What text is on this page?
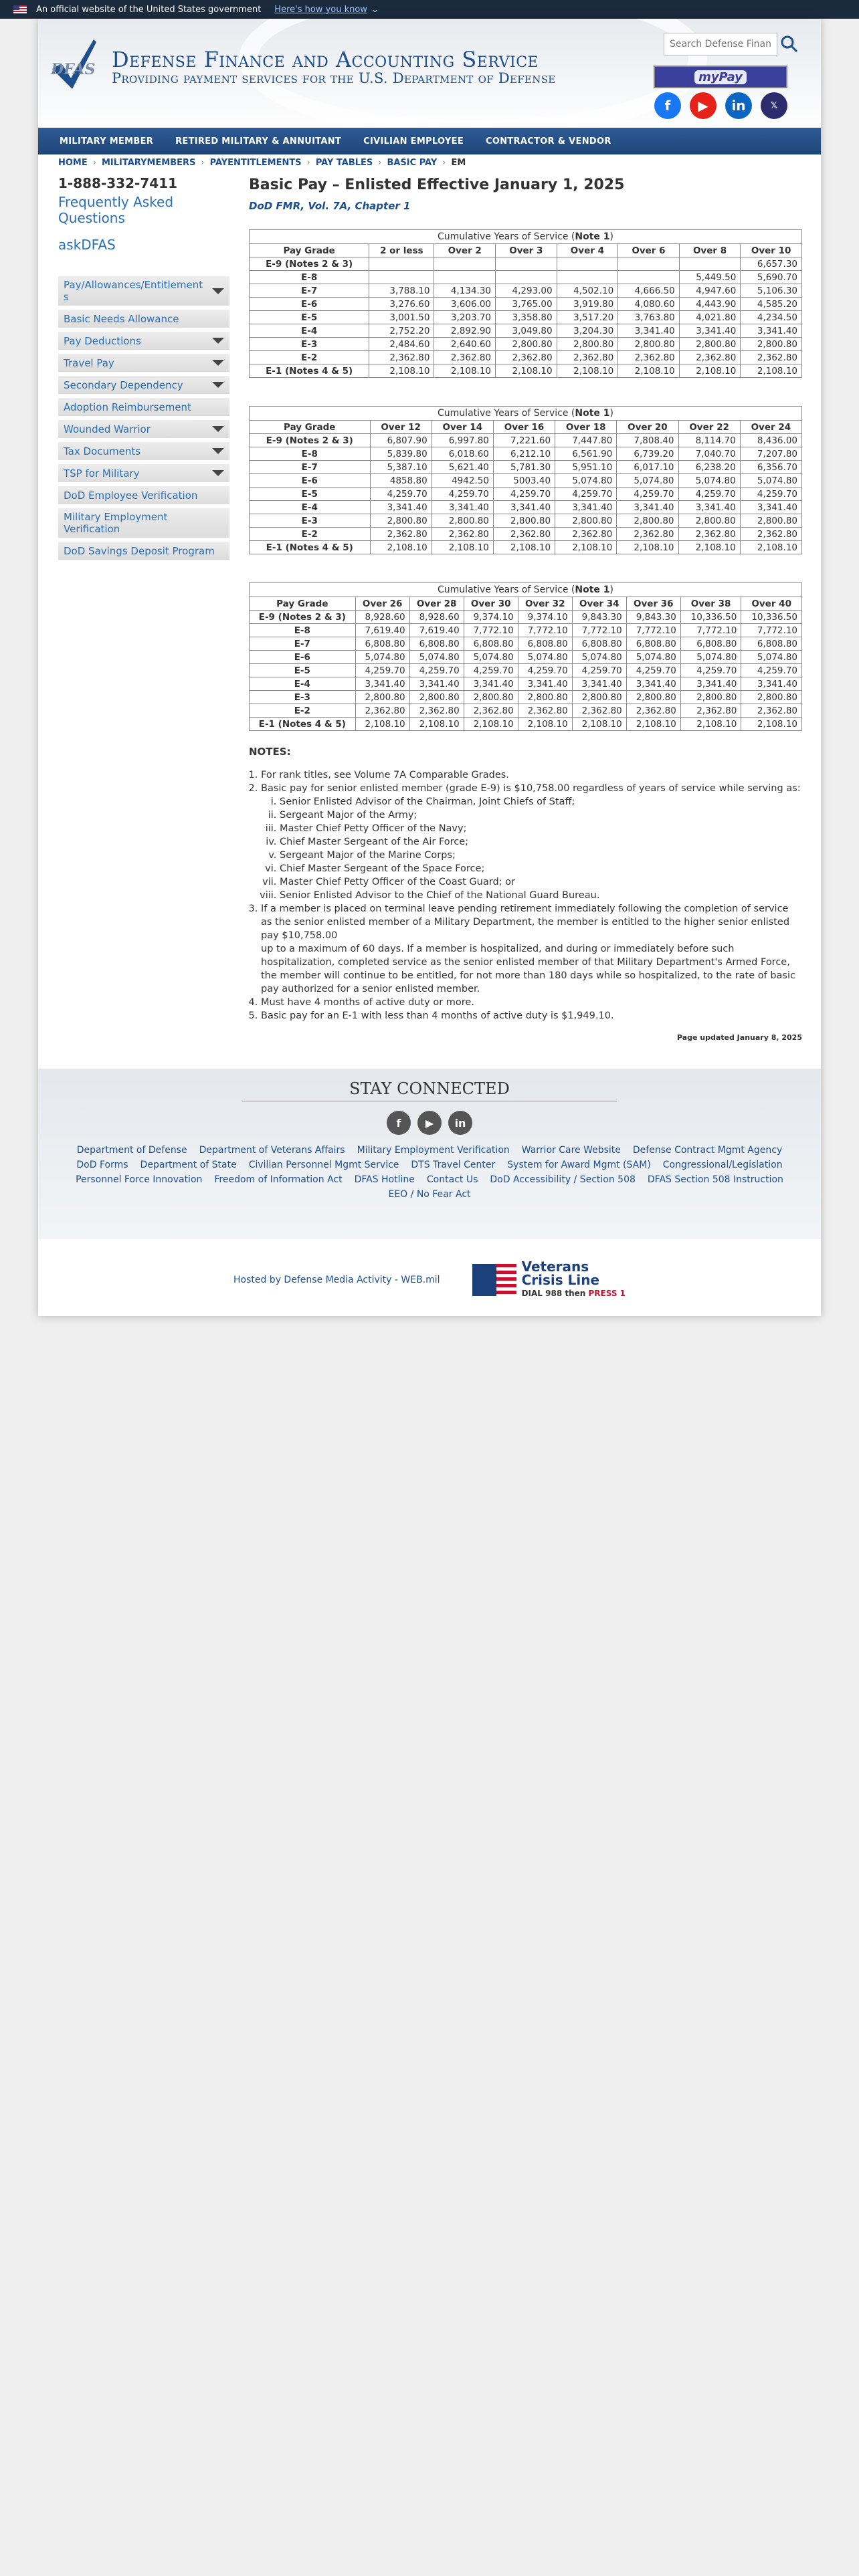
An official website of the United States government Here's how you know ⌄
DFAS Defense Finance and Accounting Service
Providing payment services for the U.S. Department of Defense
Search Defense Financ	myPay
f	▶	in	𝕏
MILITARY MEMBER	RETIRED MILITARY & ANNUITANT	CIVILIAN EMPLOYEE	CONTRACTOR & VENDOR
HOME › MILITARYMEMBERS › PAYENTITLEMENTS › PAY TABLES › BASIC PAY › EM
1-888-332-7411
Frequently Asked Questions
askDFAS
Pay/Allowances/Entitlement s
Basic Needs Allowance
Pay Deductions
Travel Pay
Secondary Dependency
Adoption Reimbursement
Wounded Warrior
Tax Documents
TSP for Military
DoD Employee Verification
Military Employment Verification
DoD Savings Deposit Program
Basic Pay – Enlisted Effective January 1, 2025
DoD FMR, Vol. 7A, Chapter 1
Cumulative Years of Service (Note 1)
Pay Grade	2 or less	Over 2	Over 3	Over 4	Over 6	Over 8	Over 10
E-9 (Notes 2 & 3)							6,657.30
E-8						5,449.50	5,690.70
E-7	3,788.10	4,134.30	4,293.00	4,502.10	4,666.50	4,947.60	5,106.30
E-6	3,276.60	3,606.00	3,765.00	3,919.80	4,080.60	4,443.90	4,585.20
E-5	3,001.50	3,203.70	3,358.80	3,517.20	3,763.80	4,021.80	4,234.50
E-4	2,752.20	2,892.90	3,049.80	3,204.30	3,341.40	3,341.40	3,341.40
E-3	2,484.60	2,640.60	2,800.80	2,800.80	2,800.80	2,800.80	2,800.80
E-2	2,362.80	2,362.80	2,362.80	2,362.80	2,362.80	2,362.80	2,362.80
E-1 (Notes 4 & 5)	2,108.10	2,108.10	2,108.10	2,108.10	2,108.10	2,108.10	2,108.10
Cumulative Years of Service (Note 1)
Pay Grade	Over 12	Over 14	Over 16	Over 18	Over 20	Over 22	Over 24
E-9 (Notes 2 & 3)	6,807.90	6,997.80	7,221.60	7,447.80	7,808.40	8,114.70	8,436.00
E-8	5,839.80	6,018.60	6,212.10	6,561.90	6,739.20	7,040.70	7,207.80
E-7	5,387.10	5,621.40	5,781.30	5,951.10	6,017.10	6,238.20	6,356.70
E-6	4858.80	4942.50	5003.40	5,074.80	5,074.80	5,074.80	5,074.80
E-5	4,259.70	4,259.70	4,259.70	4,259.70	4,259.70	4,259.70	4,259.70
E-4	3,341.40	3,341.40	3,341.40	3,341.40	3,341.40	3,341.40	3,341.40
E-3	2,800.80	2,800.80	2,800.80	2,800.80	2,800.80	2,800.80	2,800.80
E-2	2,362.80	2,362.80	2,362.80	2,362.80	2,362.80	2,362.80	2,362.80
E-1 (Notes 4 & 5)	2,108.10	2,108.10	2,108.10	2,108.10	2,108.10	2,108.10	2,108.10
Cumulative Years of Service (Note 1)
Pay Grade	Over 26	Over 28	Over 30	Over 32	Over 34	Over 36	Over 38	Over 40
E-9 (Notes 2 & 3)	8,928.60	8,928.60	9,374.10	9,374.10	9,843.30	9,843.30	10,336.50	10,336.50
E-8	7,619.40	7,619.40	7,772.10	7,772.10	7,772.10	7,772.10	7,772.10	7,772.10
E-7	6,808.80	6,808.80	6,808.80	6,808.80	6,808.80	6,808.80	6,808.80	6,808.80
E-6	5,074.80	5,074.80	5,074.80	5,074.80	5,074.80	5,074.80	5,074.80	5,074.80
E-5	4,259.70	4,259.70	4,259.70	4,259.70	4,259.70	4,259.70	4,259.70	4,259.70
E-4	3,341.40	3,341.40	3,341.40	3,341.40	3,341.40	3,341.40	3,341.40	3,341.40
E-3	2,800.80	2,800.80	2,800.80	2,800.80	2,800.80	2,800.80	2,800.80	2,800.80
E-2	2,362.80	2,362.80	2,362.80	2,362.80	2,362.80	2,362.80	2,362.80	2,362.80
E-1 (Notes 4 & 5)	2,108.10	2,108.10	2,108.10	2,108.10	2,108.10	2,108.10	2,108.10	2,108.10
NOTES:
1. For rank titles, see Volume 7A Comparable Grades.
2. Basic pay for senior enlisted member (grade E-9) is $10,758.00 regardless of years of service while serving as:
i. Senior Enlisted Advisor of the Chairman, Joint Chiefs of Staff;
ii. Sergeant Major of the Army;
iii. Master Chief Petty Officer of the Navy;
iv. Chief Master Sergeant of the Air Force;
v. Sergeant Major of the Marine Corps;
vi. Chief Master Sergeant of the Space Force;
vii. Master Chief Petty Officer of the Coast Guard; or
viii. Senior Enlisted Advisor to the Chief of the National Guard Bureau.
3. If a member is placed on terminal leave pending retirement immediately following the completion of service as the senior enlisted member of a Military Department, the member is entitled to the higher senior enlisted pay $10,758.00
up to a maximum of 60 days. If a member is hospitalized, and during or immediately before such hospitalization, completed service as the senior enlisted member of that Military Department's Armed Force, the member will continue to be entitled, for not more than 180 days while so hospitalized, to the rate of basic pay authorized for a senior enlisted member.
4. Must have 4 months of active duty or more.
5. Basic pay for an E-1 with less than 4 months of active duty is $1,949.10.
Page updated January 8, 2025
STAY CONNECTED
f	▶	in
Department of Defense Department of Veterans Affairs Military Employment Verification Warrior Care Website Defense Contract Mgmt AgencyDoD Forms Department of State Civilian Personnel Mgmt Service DTS Travel Center System for Award Mgmt (SAM) Congressional/LegislationPersonnel Force Innovation Freedom of Information Act DFAS Hotline Contact Us DoD Accessibility / Section 508 DFAS Section 508 InstructionEEO / No Fear Act
Hosted by Defense Media Activity - WEB.mil
Veterans
Crisis Line
DIAL 988 then PRESS 1
